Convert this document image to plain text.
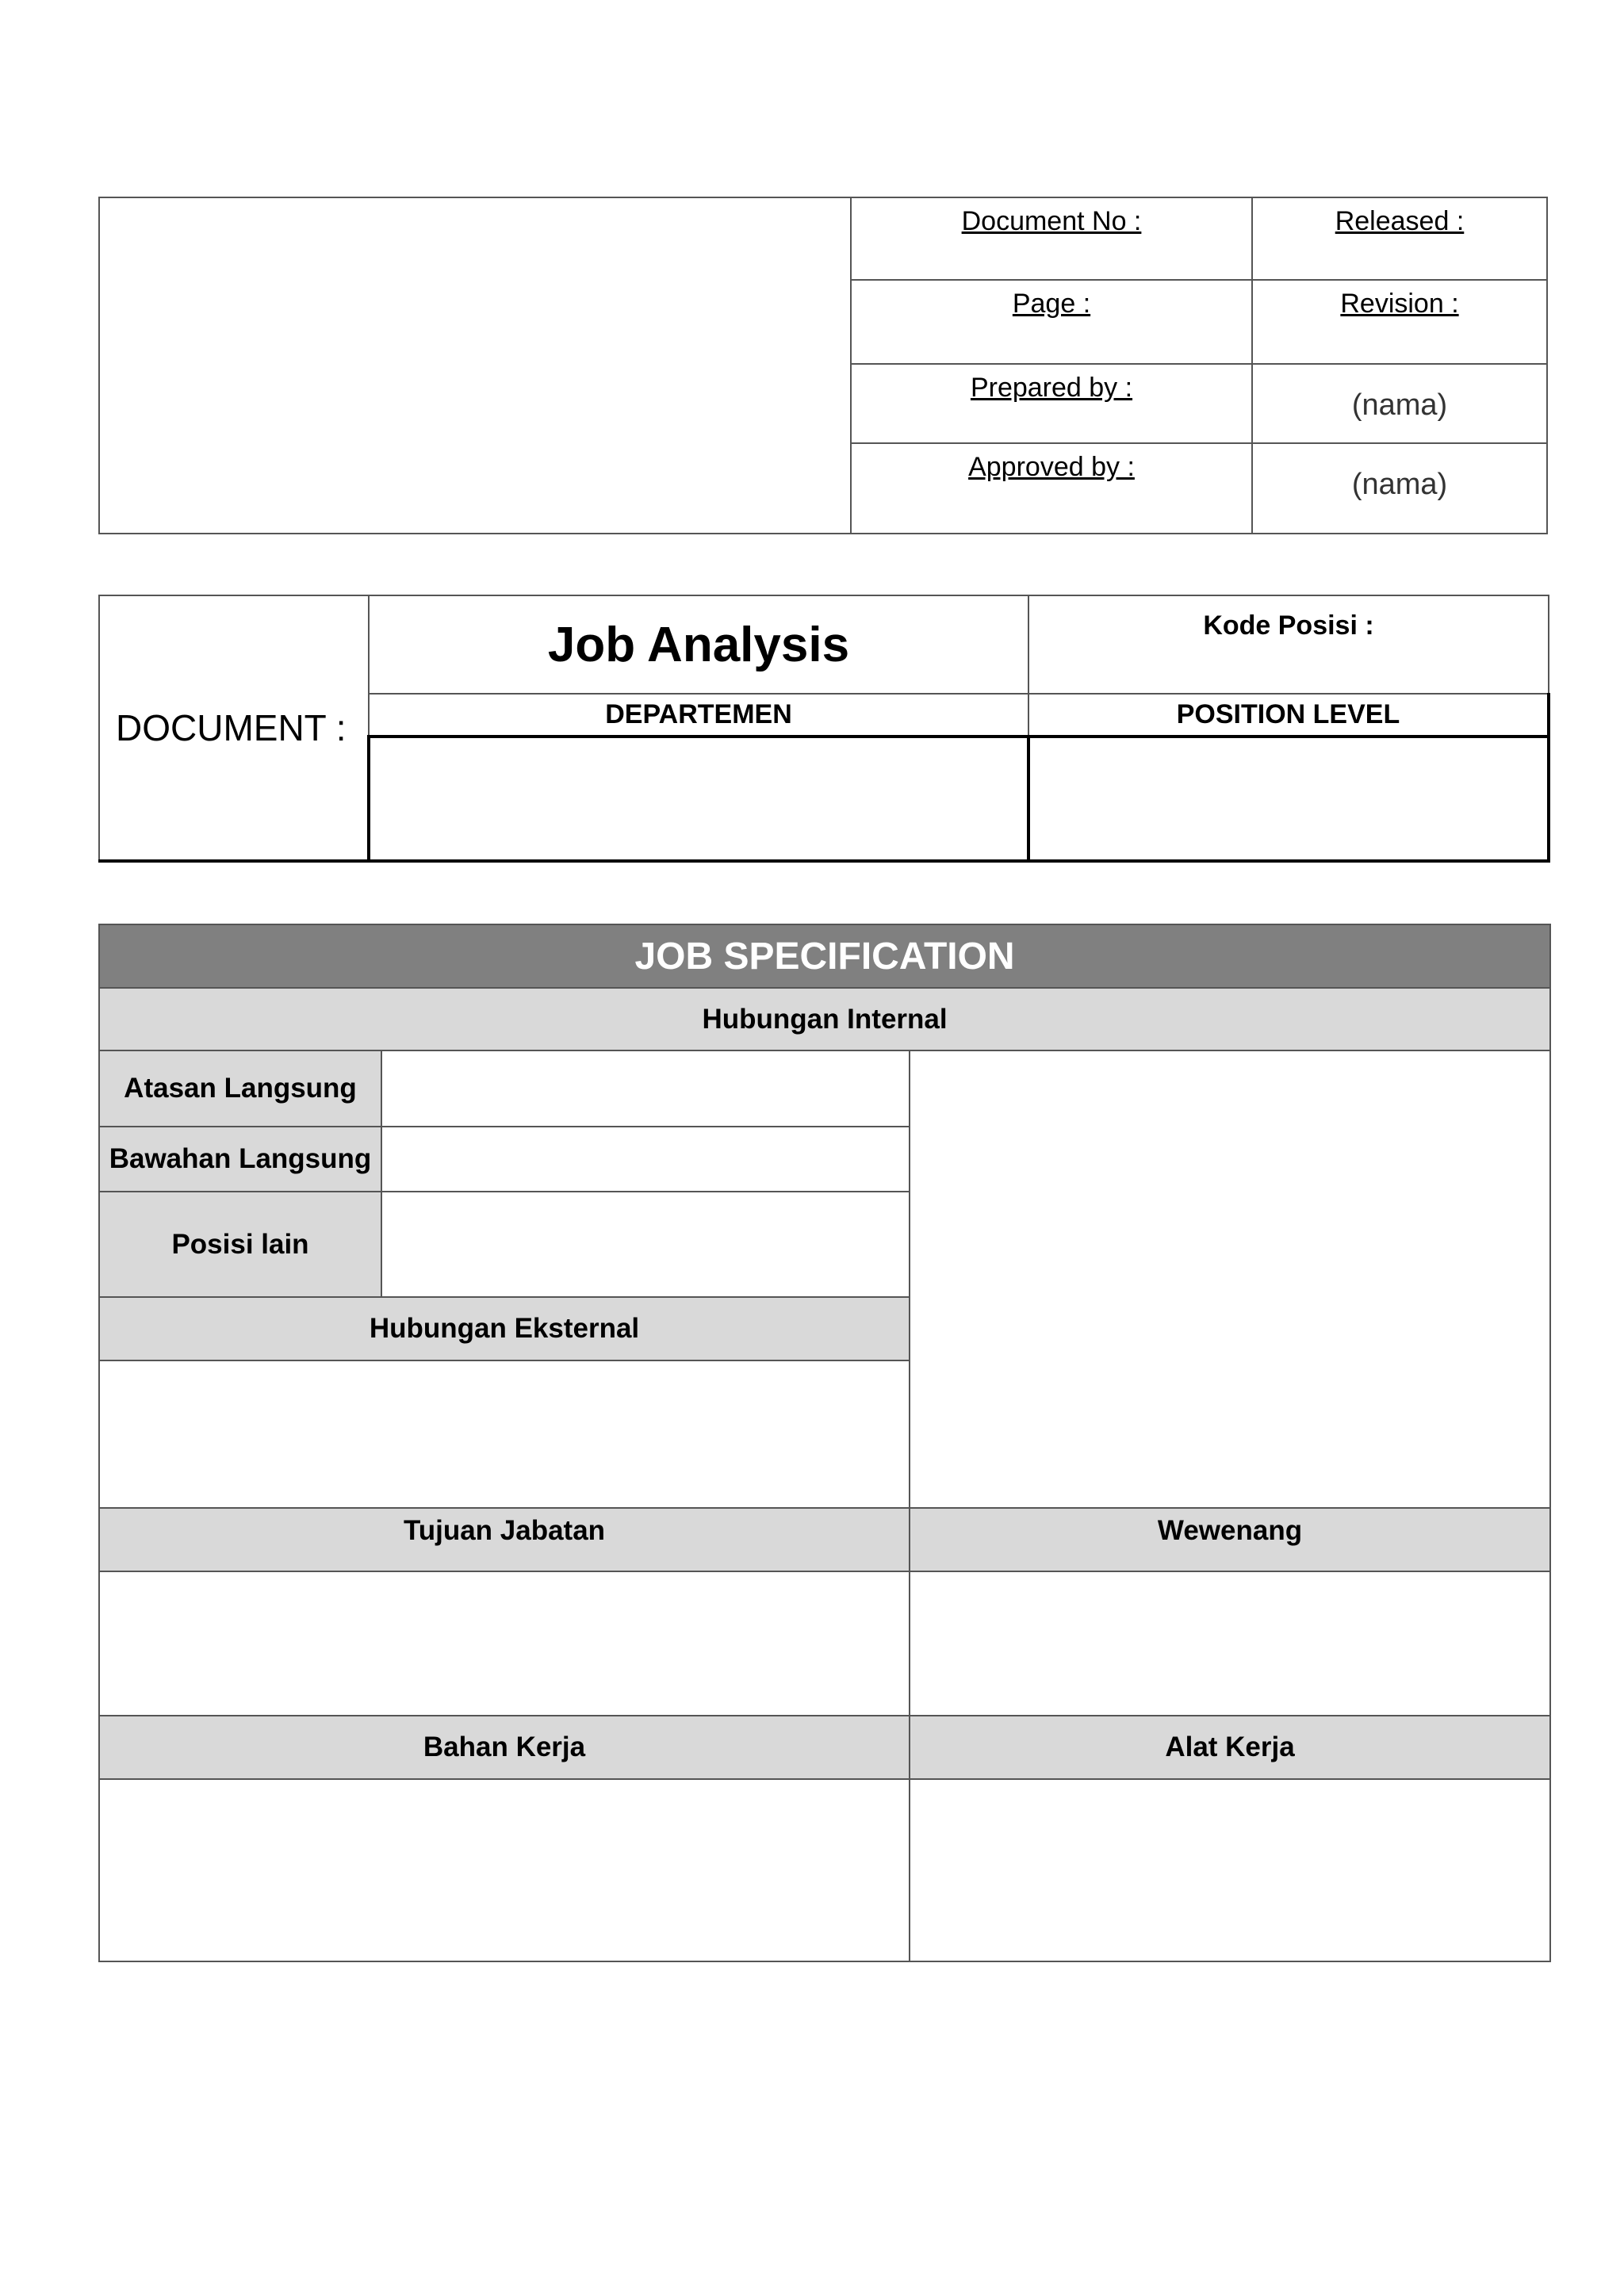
	Document No :	Released :
	Page :	Revision :
	Prepared by :	(nama)
	Approved by :	(nama)
DOCUMENT :	Job Analysis	Kode Posisi :
	DEPARTEMEN	POSITION LEVEL

JOB SPECIFICATION		
Hubungan Internal		
Atasan Langsung		
Bawahan Langsung		
Posisi lain		
Hubungan Eksternal		

Tujuan Jabatan		Wewenang

Bahan Kerja		Alat Kerja
